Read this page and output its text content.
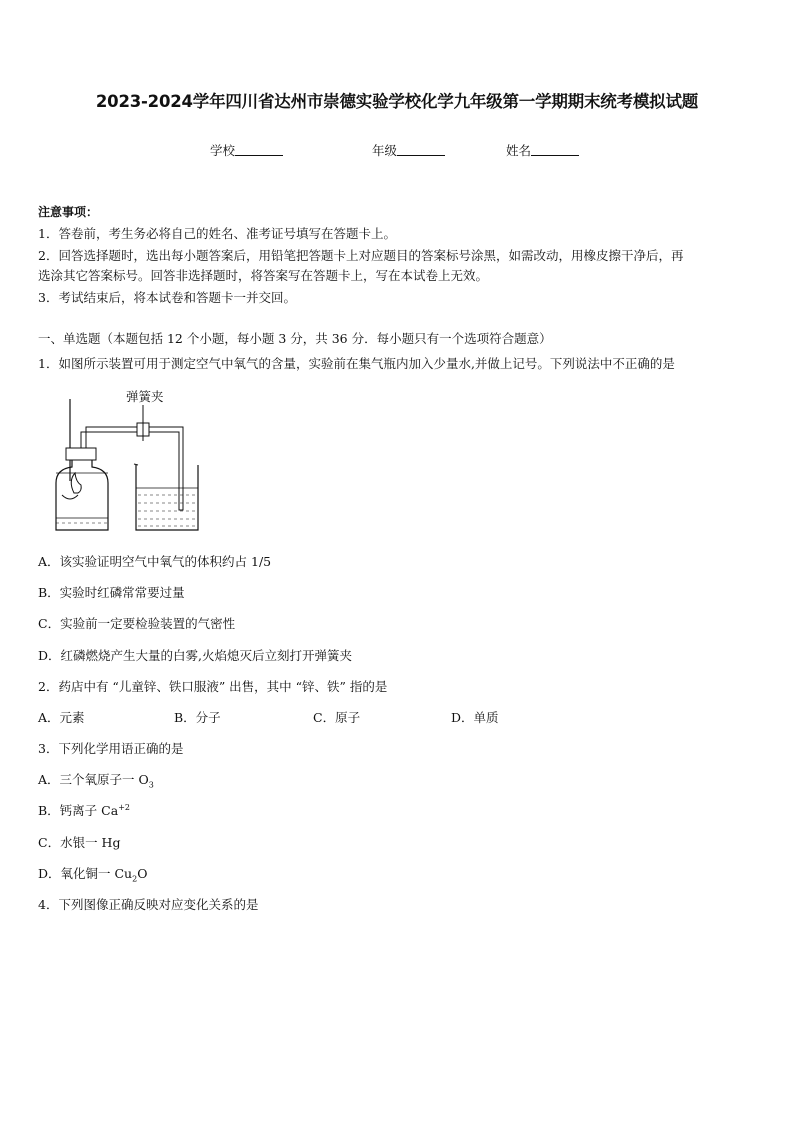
2023-2024学年四川省达州市崇德实验学校化学九年级第一学期期末统考模拟试题
学校	年级	姓名
注意事项：
1．答卷前，考生务必将自己的姓名、准考证号填写在答题卡上。
2．回答选择题时，选出每小题答案后，用铅笔把答题卡上对应题目的答案标号涂黑，如需改动，用橡皮擦干净后，再
选涂其它答案标号。回答非选择题时，将答案写在答题卡上，写在本试卷上无效。
3．考试结束后，将本试卷和答题卡一并交回。
一、单选题（本题包括 12 个小题，每小题 3 分，共 36 分．每小题只有一个选项符合题意）
1．如图所示装置可用于测定空气中氧气的含量，实验前在集气瓶内加入少量水,并做上记号。下列说法中不正确的是
弹簧夹
A．该实验证明空气中氧气的体积约占 1/5
B．实验时红磷常常要过量
C．实验前一定要检验装置的气密性
D．红磷燃烧产生大量的白雾,火焰熄灭后立刻打开弹簧夹
2．药店中有 “儿童锌、铁口服液” 出售，其中 “锌、铁” 指的是
A．元素	B．分子	C．原子	D．单质
3．下列化学用语正确的是
A．三个氧原子一 $O_3$
B．钙离子 $Ca^{+2}$
C．水银一 Hg
D．氧化铜一 $Cu_2O$
4．下列图像正确反映对应变化关系的是
